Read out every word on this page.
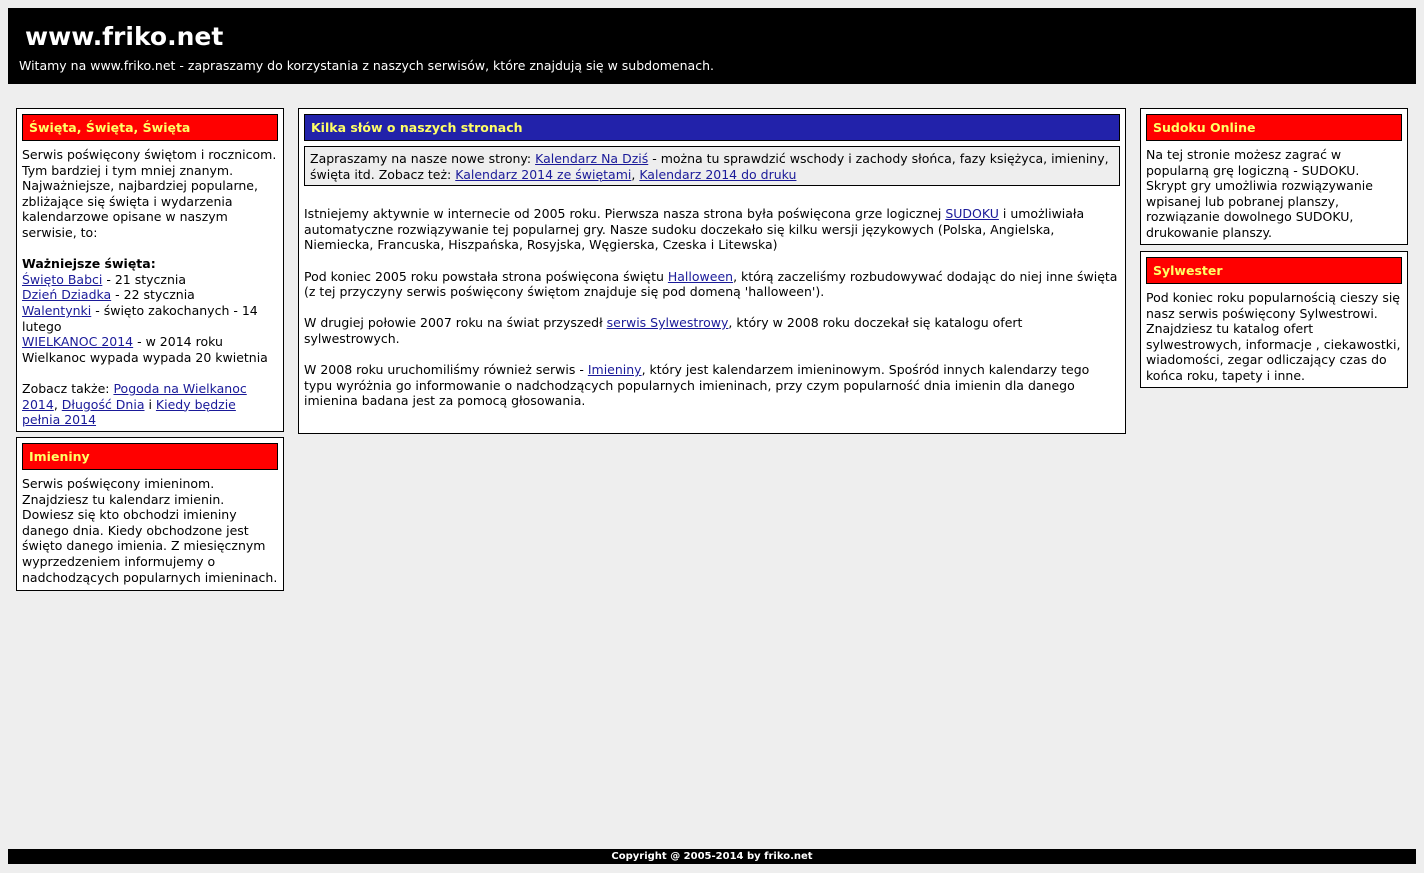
www.friko.net

Witamy na www.friko.net - zapraszamy do korzystania z naszych serwisów, które znajdują się w subdomenach.

Święta, Święta, Święta

Serwis poświęcony świętom i rocznicom. Tym bardziej i tym mniej znanym. Najważniejsze, najbardziej popularne, zbliżające się święta i wydarzenia kalendarzowe opisane w naszym serwisie, to:

Ważniejsze święta:

Święto Babci - 21 stycznia

Dzień Dziadka - 22 stycznia

Walentynki - święto zakochanych - 14 lutego

WIELKANOC 2014 - w 2014 roku Wielkanoc wypada wypada 20 kwietnia

Zobacz także: Pogoda na Wielkanoc 2014, Długość Dnia i Kiedy będzie pełnia 2014

Imieniny

Serwis poświęcony imieninom. Znajdziesz tu kalendarz imienin. Dowiesz się kto obchodzi imieniny danego dnia. Kiedy obchodzone jest święto danego imienia. Z miesięcznym wyprzedzeniem informujemy o nadchodzących popularnych imieninach.

Kilka słów o naszych stronach
Zapraszamy na nasze nowe strony: Kalendarz Na Dziś - można tu sprawdzić wschody i zachody słońca, fazy księżyca, imieniny, święta itd. Zobacz też: Kalendarz 2014 ze świętami, Kalendarz 2014 do druku

Istniejemy aktywnie w internecie od 2005 roku. Pierwsza nasza strona była poświęcona grze logicznej SUDOKU i umożliwiała automatyczne rozwiązywanie tej popularnej gry. Nasze sudoku doczekało się kilku wersji językowych (Polska, Angielska, Niemiecka, Francuska, Hiszpańska, Rosyjska, Węgierska, Czeska i Litewska)

Pod koniec 2005 roku powstała strona poświęcona świętu Halloween, którą zaczeliśmy rozbudowywać dodając do niej inne święta (z tej przyczyny serwis poświęcony świętom znajduje się pod domeną 'halloween').

W drugiej połowie 2007 roku na świat przyszedł serwis Sylwestrowy, który w 2008 roku doczekał się katalogu ofert sylwestrowych.

W 2008 roku uruchomiliśmy również serwis - Imieniny, który jest kalendarzem imieninowym. Spośród innych kalendarzy tego typu wyróżnia go informowanie o nadchodzących popularnych imieninach, przy czym popularność dnia imienin dla danego imienina badana jest za pomocą głosowania.

Sudoku Online

Na tej stronie możesz zagrać w popularną grę logiczną - SUDOKU. Skrypt gry umożliwia rozwiązywanie wpisanej lub pobranej planszy, rozwiązanie dowolnego SUDOKU, drukowanie planszy.

Sylwester

Pod koniec roku popularnością cieszy się nasz serwis poświęcony Sylwestrowi. Znajdziesz tu katalog ofert sylwestrowych, informacje , ciekawostki, wiadomości, zegar odliczający czas do końca roku, tapety i inne.

Copyright @ 2005-2014 by friko.net
